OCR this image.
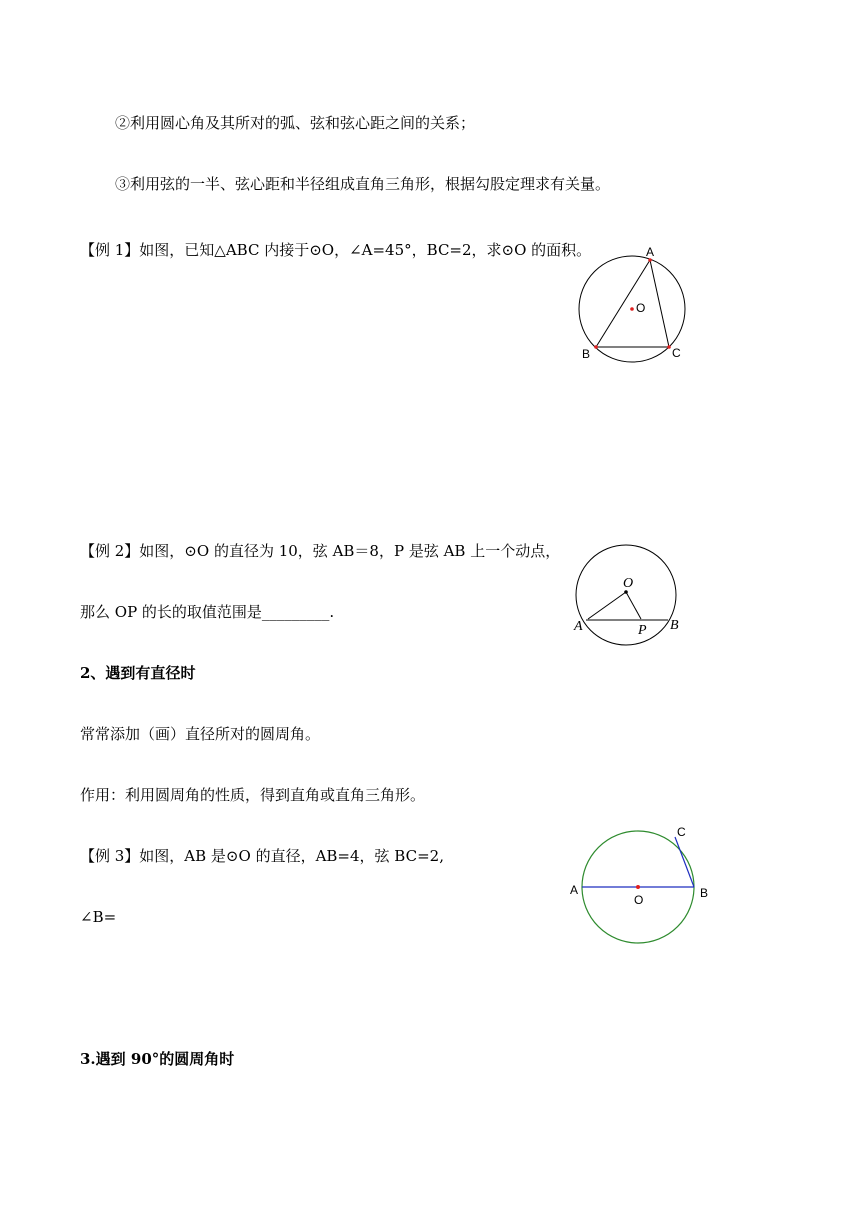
②利用圆心角及其所对的弧、弦和弦心距之间的关系；
③利用弦的一半、弦心距和半径组成直角三角形，根据勾股定理求有关量。
【例 1】如图，已知△ABC 内接于⊙O，∠A=45°，BC=2，求⊙O 的面积。	A
B	C
O
【例 2】如图，⊙O 的直径为 10，弦 AB＝8，P 是弦 AB 上一个动点，
那么 OP 的长的取值范围是_________.
O
A	P B
2、遇到有直径时
常常添加（画）直径所对的圆周角。
作用：利用圆周角的性质，得到直角或直角三角形。
【例 3】如图，AB 是⊙O 的直径，AB=4，弦 BC=2,
∠B=
C
A	B
O
3.遇到 90°的圆周角时
